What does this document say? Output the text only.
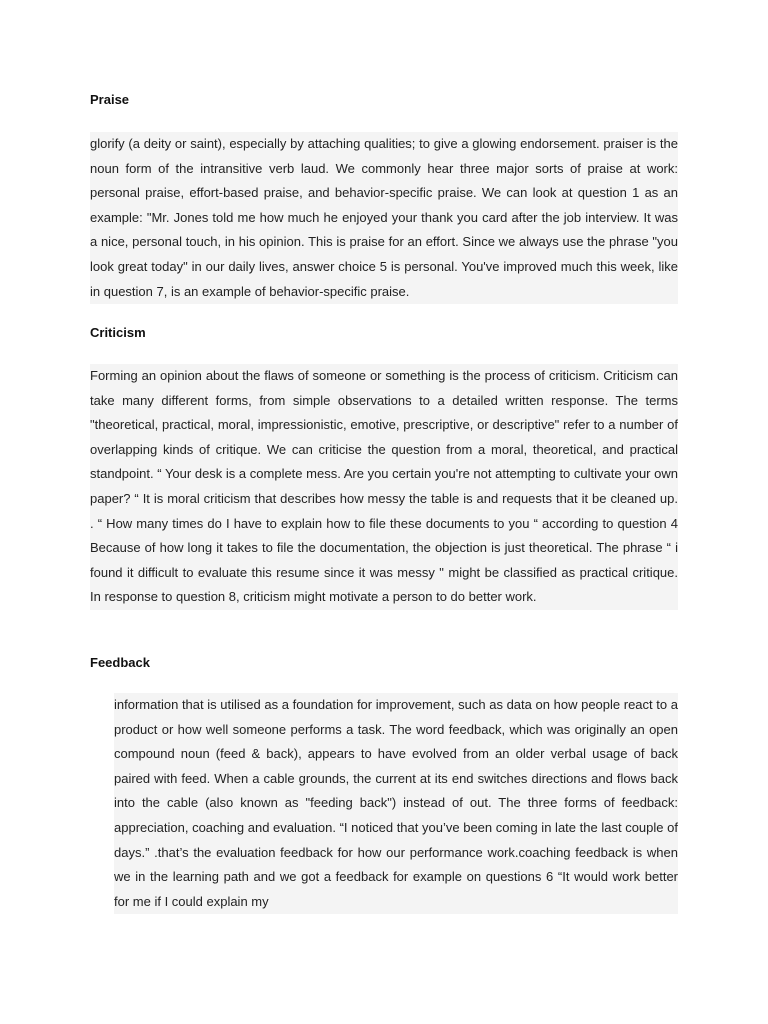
Praise
glorify (a deity or saint), especially by attaching qualities; to give a glowing endorsement. praiser is the noun form of the intransitive verb laud. We commonly hear three major sorts of praise at work: personal praise, effort-based praise, and behavior-specific praise. We can look at question 1 as an example: "Mr. Jones told me how much he enjoyed your thank you card after the job interview. It was a nice, personal touch, in his opinion. This is praise for an effort. Since we always use the phrase "you look great today" in our daily lives, answer choice 5 is personal. You've improved much this week, like in question 7, is an example of behavior-specific praise.
Criticism
Forming an opinion about the flaws of someone or something is the process of criticism. Criticism can take many different forms, from simple observations to a detailed written response. The terms "theoretical, practical, moral, impressionistic, emotive, prescriptive, or descriptive" refer to a number of overlapping kinds of critique. We can criticise the question from a moral, theoretical, and practical standpoint. “ Your desk is a complete mess. Are you certain you're not attempting to cultivate your own paper? “ It is moral criticism that describes how messy the table is and requests that it be cleaned up. . “ How many times do I have to explain how to file these documents to you “ according to question 4 Because of how long it takes to file the documentation, the objection is just theoretical. The phrase “ i found it difficult to evaluate this resume since it was messy " might be classified as practical critique. In response to question 8, criticism might motivate a person to do better work.
Feedback
information that is utilised as a foundation for improvement, such as data on how people react to a product or how well someone performs a task. The word feedback, which was originally an open compound noun (feed & back), appears to have evolved from an older verbal usage of back paired with feed. When a cable grounds, the current at its end switches directions and flows back into the cable (also known as "feeding back") instead of out. The three forms of feedback: appreciation, coaching and evaluation. “I noticed that you’ve been coming in late the last couple of days.” .that’s the evaluation feedback for how our performance work.coaching feedback is when we in the learning path and we got a feedback for example on questions 6 “It would work better for me if I could explain my
